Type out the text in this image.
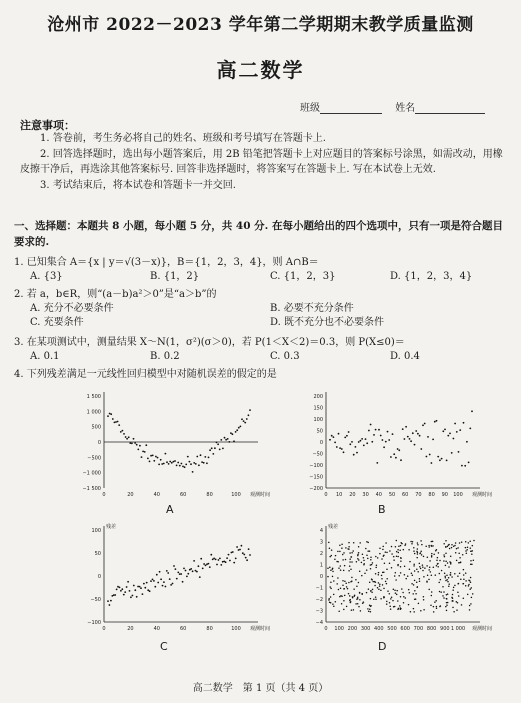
沧州市 2022－2023 学年第二学期期末教学质量监测
高二数学
班级	姓名
注意事项：

1. 答卷前，考生务必将自己的姓名、班级和考号填写在答题卡上.

2. 回答选择题时，选出每小题答案后，用 2B 铅笔把答题卡上对应题目的答案标号涂黑，如需改动，用橡皮擦干净后，再选涂其他答案标号. 回答非选择题时，将答案写在答题卡上. 写在本试卷上无效.

3. 考试结束后，将本试卷和答题卡一并交回.

一、选择题：本题共 8 小题，每小题 5 分，共 40 分. 在每小题给出的四个选项中，只有一项是符合题目要求的.
1. 已知集合 A＝{x | y＝√(3－x)}，B＝{1，2，3，4}，则 A∩B＝
A. {3}	B. {1，2}	C. {1，2，3}	D. {1，2，3，4}
2. 若 a，b∈R，则“(a－b)a²＞0”是“a＞b”的
A. 充分不必要条件	B. 必要不充分条件
C. 充要条件	D. 既不充分也不必要条件
3. 在某项测试中，测量结果 X～N(1，σ²)(σ＞0)，若 P(1＜X＜2)＝0.3，则 P(X≤0)＝
A. 0.1	B. 0.2	C. 0.3	D. 0.4
4. 下列残差满足一元线性回归模型中对随机误差的假定的是
1 500
1 000
500
0
−500
−1 000
−1 500
0	20	40	60	80	100 观测时间
A
200
150
100
50
0
−50
−100
−150
−200
0 10 20 30 40 50 60 70 80 90 100 观测时间
B
100
50
0
−50
−100
0	20	40	60	80	100 观测时间
残差
C
4
3
2
1
0
−1
−2
−3
−4
0 100 200 300 400 500 600 700 800 900 1 000 观测时间
残差
D
高二数学　第 1 页（共 4 页）
